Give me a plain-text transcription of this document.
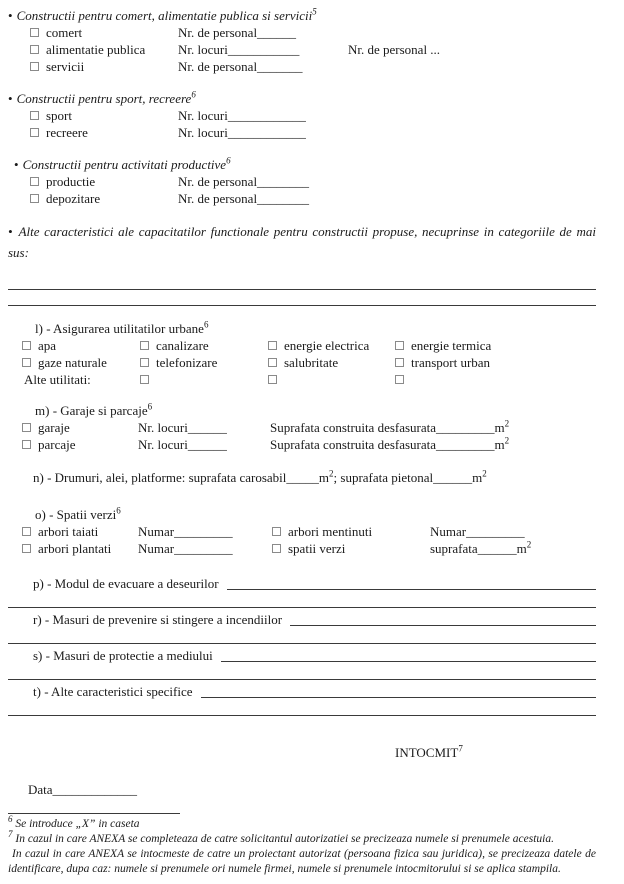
• Constructii pentru comert, alimentatie publica si servicii$^5$
comert	Nr. de personal______
alimentatie publica	Nr. locuri___________	Nr. de personal ...
servicii	Nr. de personal_______
• Constructii pentru sport, recreere$^6$
sport	Nr. locuri____________
recreere	Nr. locuri____________
• Constructii pentru activitati productive$^6$
productie	Nr. de personal________
depozitare	Nr. de personal________
• Alte caracteristici ale capacitatilor functionale pentru constructii propuse, necuprinse in categoriile de mai sus:
l) - Asigurarea utilitatilor urbane$^6$
apa	canalizare	energie electrica	energie termica
gaze naturale	telefonizare	salubritate	transport urban
Alte utilitati:
m) - Garaje si parcaje$^6$
garaje	Nr. locuri______	Suprafata construita $desfasurata\_\_\_\_\_\_\_\_\_m^2$
parcaje	Nr. locuri______	Suprafata construita $desfasurata\_\_\_\_\_\_\_\_\_m^2$
n) - Drumuri, alei, platforme: suprafata $carosabil\_\_\_\_\_m^2$; suprafata $pietonal\_\_\_\_\_\_m^2$
o) - Spatii verzi$^6$
arbori taiati	Numar_________	arbori mentinuti	Numar_________
arbori plantati Numar_________	spatii verzi	$suprafata\_\_\_\_\_\_m^2$
p) - Modul de evacuare a deseurilor
r) - Masuri de prevenire si stingere a incendiilor
s) - Masuri de protectie a mediului
t) - Alte caracteristici specifice
INTOCMIT$^7$
Data_____________
$^6$ Se introduce „X” in caseta
$^7$ In cazul in care ANEXA se completeaza de catre solicitantul autorizatiei se precizeaza numele si prenumele acestuia.
In cazul in care ANEXA se intocmeste de catre un proiectant autorizat (persoana fizica sau juridica), se precizeaza datele de identificare, dupa caz: numele si prenumele ori numele firmei, numele si prenumele intocmitorului si se aplica stampila.
